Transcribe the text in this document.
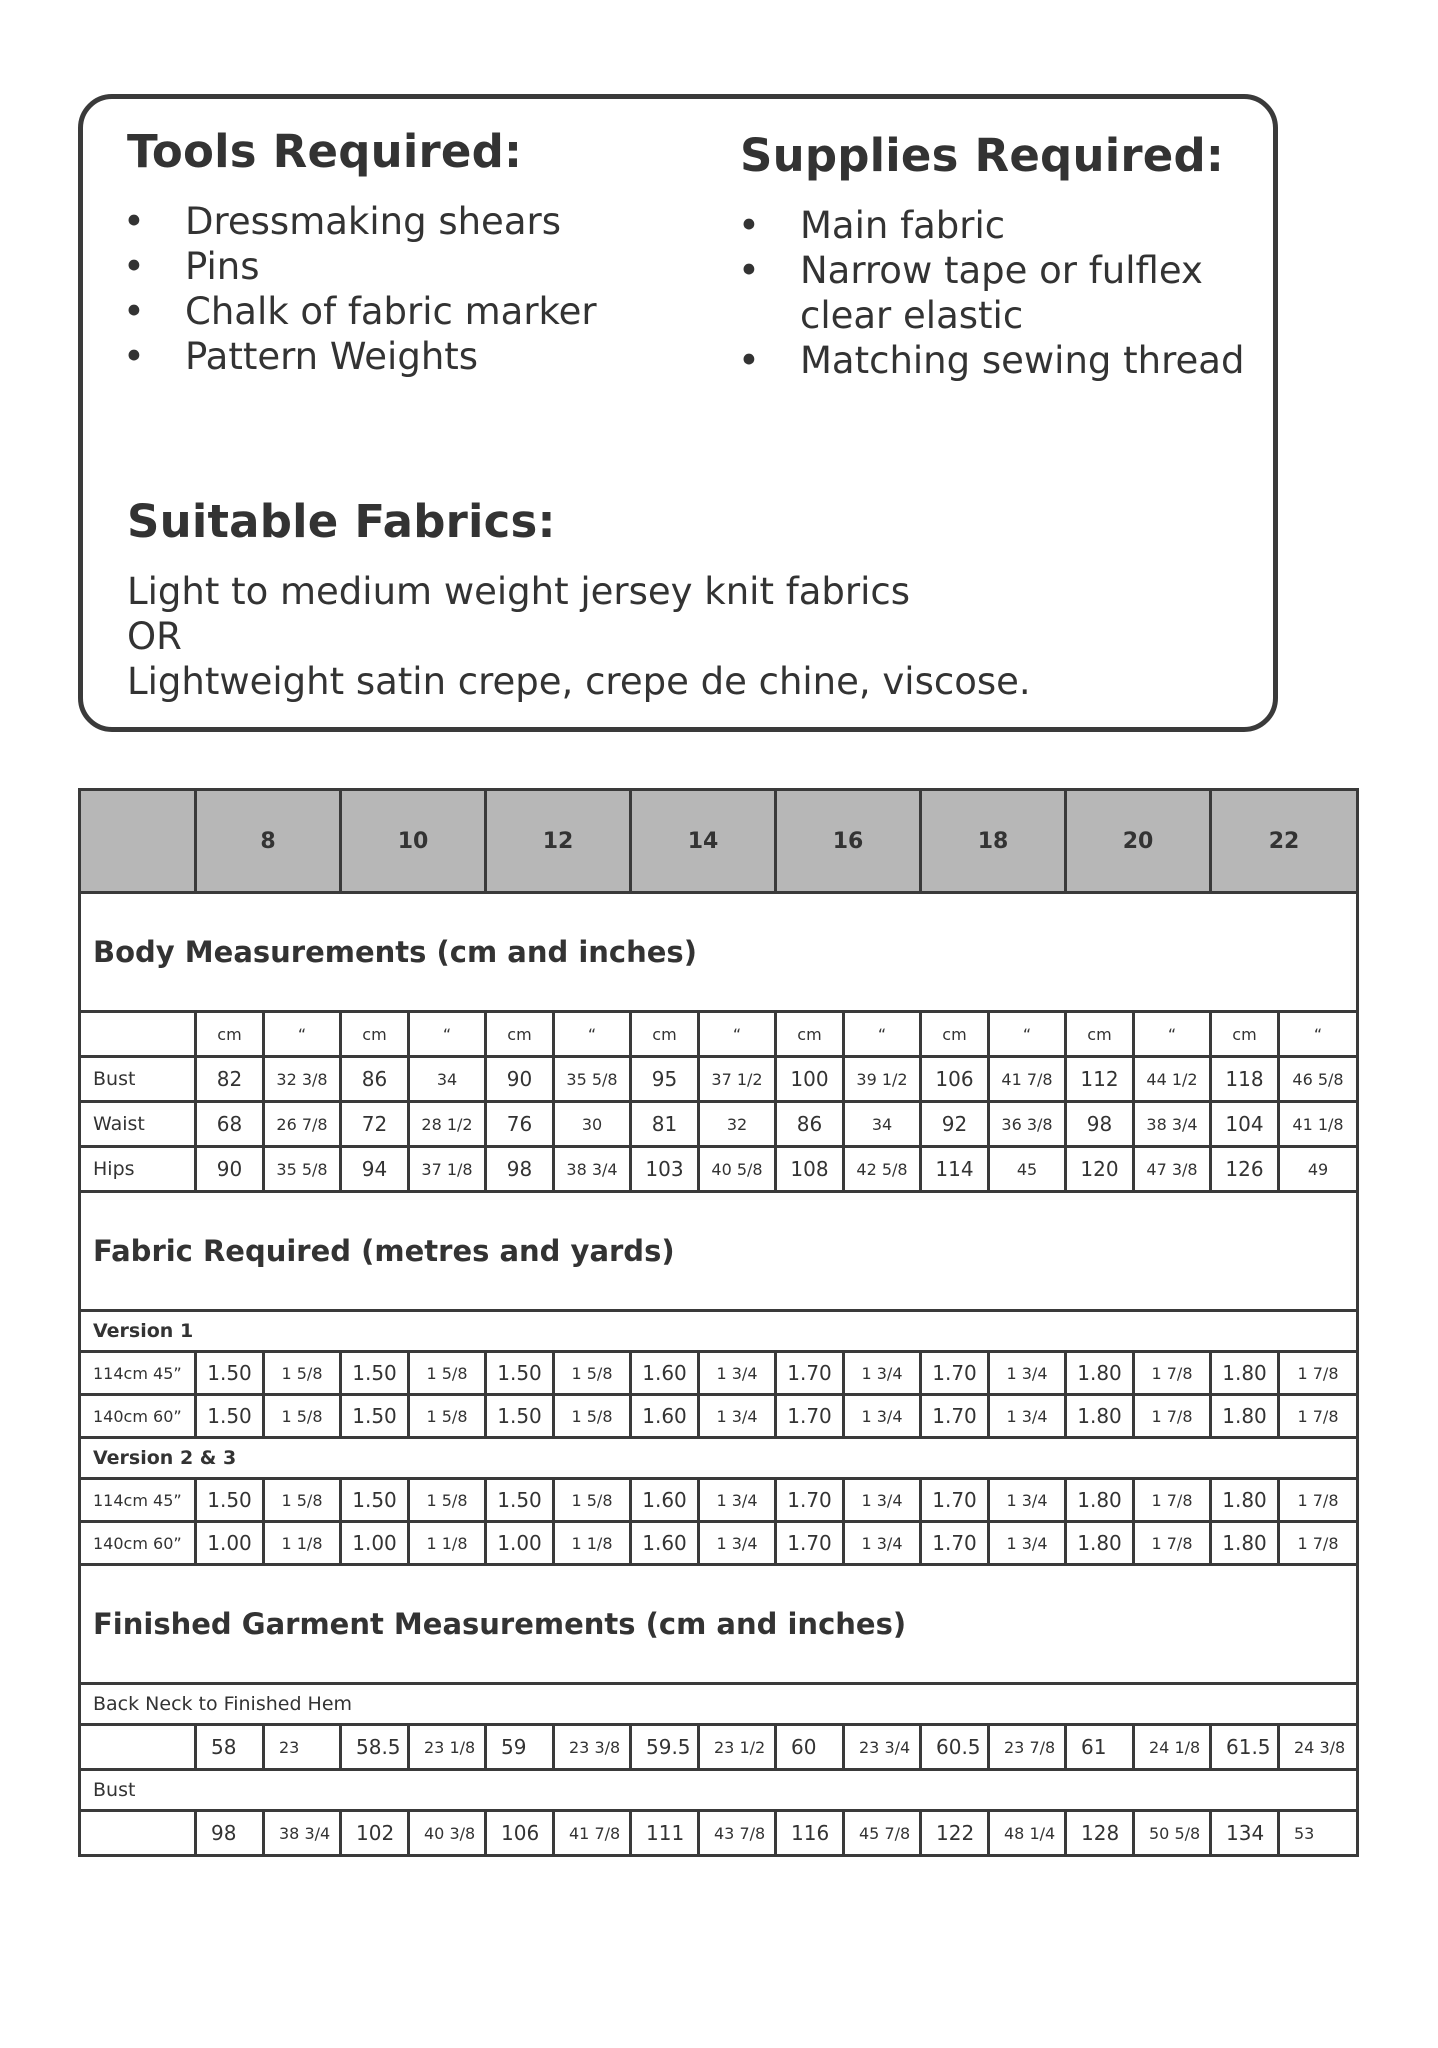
Tools Required:
• Dressmaking shears
• Pins
• Chalk of fabric marker
• Pattern Weights
Supplies Required:
• Main fabric
• Narrow tape or fulflex
clear elastic
• Matching sewing thread
Suitable Fabrics:

Light to medium weight jersey knit fabrics

OR

Lightweight satin crepe, crepe de chine, viscose.

	8		10		12		14		16		18		20		22	
Body Measurements (cm and inches)																
	cm	“	cm	“	cm	“	cm	“	cm	“	cm	“	cm	“	cm	“
Bust	82	32 3/8	86	34	90	35 5/8	95	37 1/2	100	39 1/2	106	41 7/8	112	44 1/2	118	46 5/8
Waist	68	26 7/8	72	28 1/2	76	30	81	32	86	34	92	36 3/8	98	38 3/4	104	41 1/8
Hips	90	35 5/8	94	37 1/8	98	38 3/4	103	40 5/8	108	42 5/8	114	45	120	47 3/8	126	49
Fabric Required (metres and yards)																
Version 1																
114cm 45”	1.50	1 5/8	1.50	1 5/8	1.50	1 5/8	1.60	1 3/4	1.70	1 3/4	1.70	1 3/4	1.80	1 7/8	1.80	1 7/8
140cm 60”	1.50	1 5/8	1.50	1 5/8	1.50	1 5/8	1.60	1 3/4	1.70	1 3/4	1.70	1 3/4	1.80	1 7/8	1.80	1 7/8
Version 2 & 3																
114cm 45”	1.50	1 5/8	1.50	1 5/8	1.50	1 5/8	1.60	1 3/4	1.70	1 3/4	1.70	1 3/4	1.80	1 7/8	1.80	1 7/8
140cm 60”	1.00	1 1/8	1.00	1 1/8	1.00	1 1/8	1.60	1 3/4	1.70	1 3/4	1.70	1 3/4	1.80	1 7/8	1.80	1 7/8
Finished Garment Measurements (cm and inches)																
Back Neck to Finished Hem																
	58	23	58.5	23 1/8	59	23 3/8	59.5	23 1/2	60	23 3/4	60.5	23 7/8	61	24 1/8	61.5	24 3/8
Bust																
	98	38 3/4	102	40 3/8	106	41 7/8	111	43 7/8	116	45 7/8	122	48 1/4	128	50 5/8	134	53
